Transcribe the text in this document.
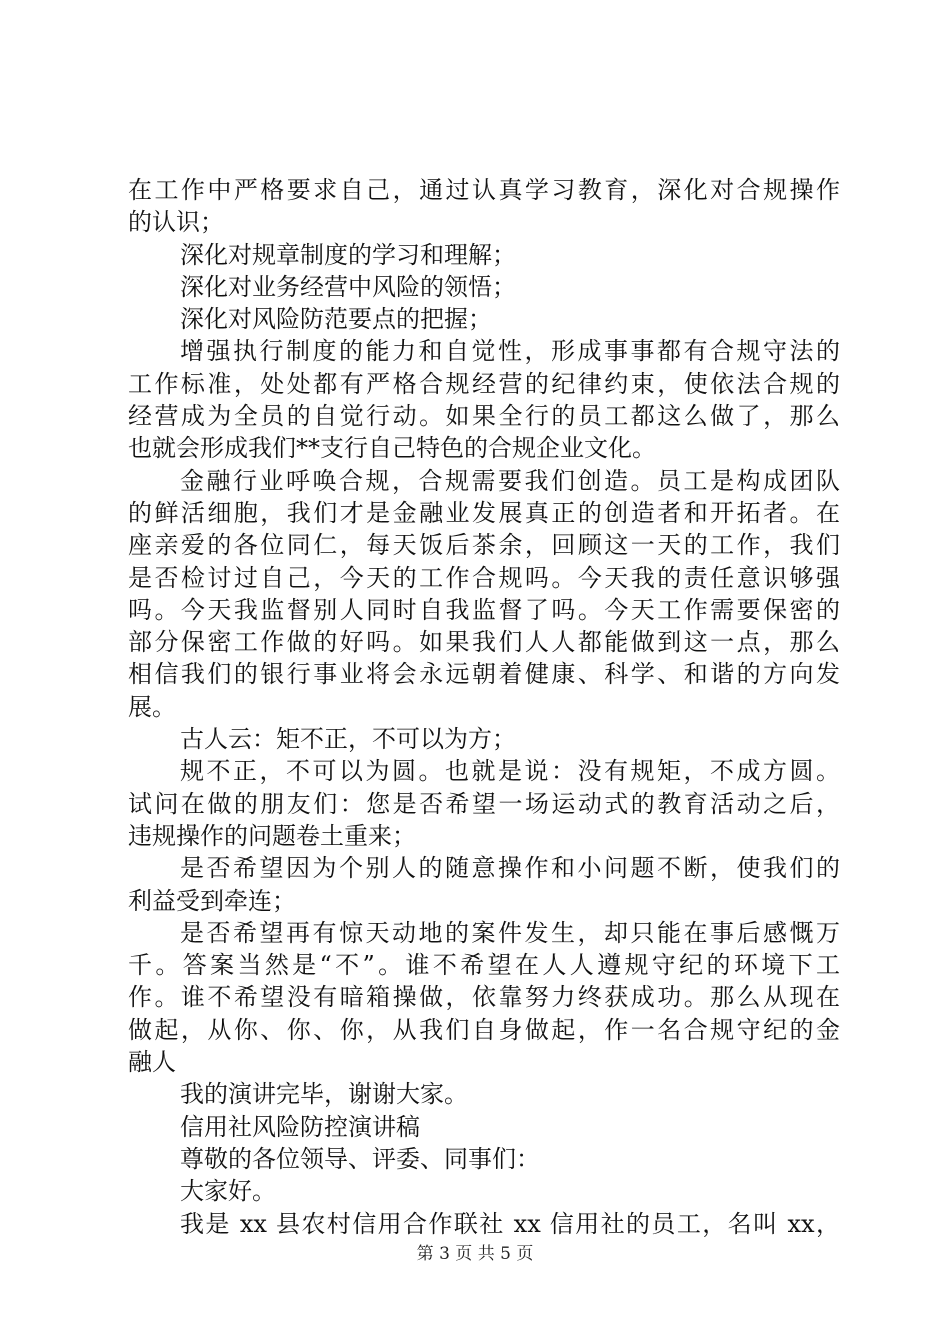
在工作中严格要求自己，通过认真学习教育，深化对合规操作
的认识；
深化对规章制度的学习和理解；
深化对业务经营中风险的领悟；
深化对风险防范要点的把握；
增强执行制度的能力和自觉性，形成事事都有合规守法的
工作标准，处处都有严格合规经营的纪律约束，使依法合规的
经营成为全员的自觉行动。如果全行的员工都这么做了，那么
也就会形成我们**支行自己特色的合规企业文化。
金融行业呼唤合规，合规需要我们创造。员工是构成团队
的鲜活细胞，我们才是金融业发展真正的创造者和开拓者。在
座亲爱的各位同仁，每天饭后茶余，回顾这一天的工作，我们
是否检讨过自己，今天的工作合规吗。今天我的责任意识够强
吗。今天我监督别人同时自我监督了吗。今天工作需要保密的
部分保密工作做的好吗。如果我们人人都能做到这一点，那么
相信我们的银行事业将会永远朝着健康、科学、和谐的方向发
展。
古人云：矩不正，不可以为方；
规不正，不可以为圆。也就是说：没有规矩，不成方圆。
试问在做的朋友们：您是否希望一场运动式的教育活动之后，
违规操作的问题卷土重来；
是否希望因为个别人的随意操作和小问题不断，使我们的
利益受到牵连；
是否希望再有惊天动地的案件发生，却只能在事后感慨万
千。答案当然是“不”。谁不希望在人人遵规守纪的环境下工
作。谁不希望没有暗箱操做，依靠努力终获成功。那么从现在
做起，从你、你、你，从我们自身做起，作一名合规守纪的金
融人
我的演讲完毕，谢谢大家。
信用社风险防控演讲稿
尊敬的各位领导、评委、同事们：
大家好。
我是 xx 县农村信用合作联社 xx 信用社的员工，名叫 xx，
第 3 页 共 5 页
